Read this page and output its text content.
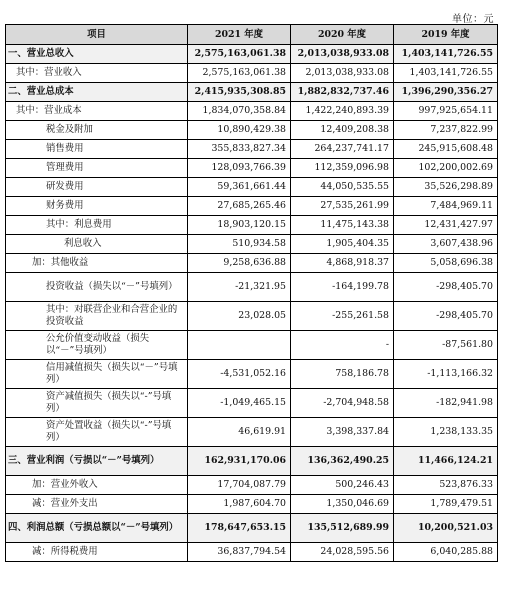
单位：元
项目	2021 年度	2020 年度	2019 年度
一、营业总收入	2,575,163,061.38	2,013,038,933.08	1,403,141,726.55
其中：营业收入	2,575,163,061.38	2,013,038,933.08	1,403,141,726.55
二、营业总成本	2,415,935,308.85	1,882,832,737.46	1,396,290,356.27
其中：营业成本	1,834,070,358.84	1,422,240,893.39	997,925,654.11
税金及附加	10,890,429.38	12,409,208.38	7,237,822.99
销售费用	355,833,827.34	264,237,741.17	245,915,608.48
管理费用	128,093,766.39	112,359,096.98	102,200,002.69
研发费用	59,361,661.44	44,050,535.55	35,526,298.89
财务费用	27,685,265.46	27,535,261.99	7,484,969.11
其中：利息费用	18,903,120.15	11,475,143.38	12,431,427.97
利息收入	510,934.58	1,905,404.35	3,607,438.96
加：其他收益	9,258,636.88	4,868,918.37	5,058,696.38
投资收益（损失以“－”号填列）	-21,321.95	-164,199.78	-298,405.70
其中：对联营企业和合营企业的投资收益	23,028.05	-255,261.58	-298,405.70
公允价值变动收益（损失以“－”号填列）		-	-87,561.80
信用减值损失（损失以“－”号填列）	-4,531,052.16	758,186.78	-1,113,166.32
资产减值损失（损失以“-”号填列）	-1,049,465.15	-2,704,948.58	-182,941.98
资产处置收益（损失以“-”号填列）	46,619.91	3,398,337.84	1,238,133.35
三、营业利润（亏损以“－”号填列）	162,931,170.06	136,362,490.25	11,466,124.21
加：营业外收入	17,704,087.79	500,246.43	523,876.33
减：营业外支出	1,987,604.70	1,350,046.69	1,789,479.51
四、利润总额（亏损总额以“－”号填列）	178,647,653.15	135,512,689.99	10,200,521.03
减：所得税费用	36,837,794.54	24,028,595.56	6,040,285.88
